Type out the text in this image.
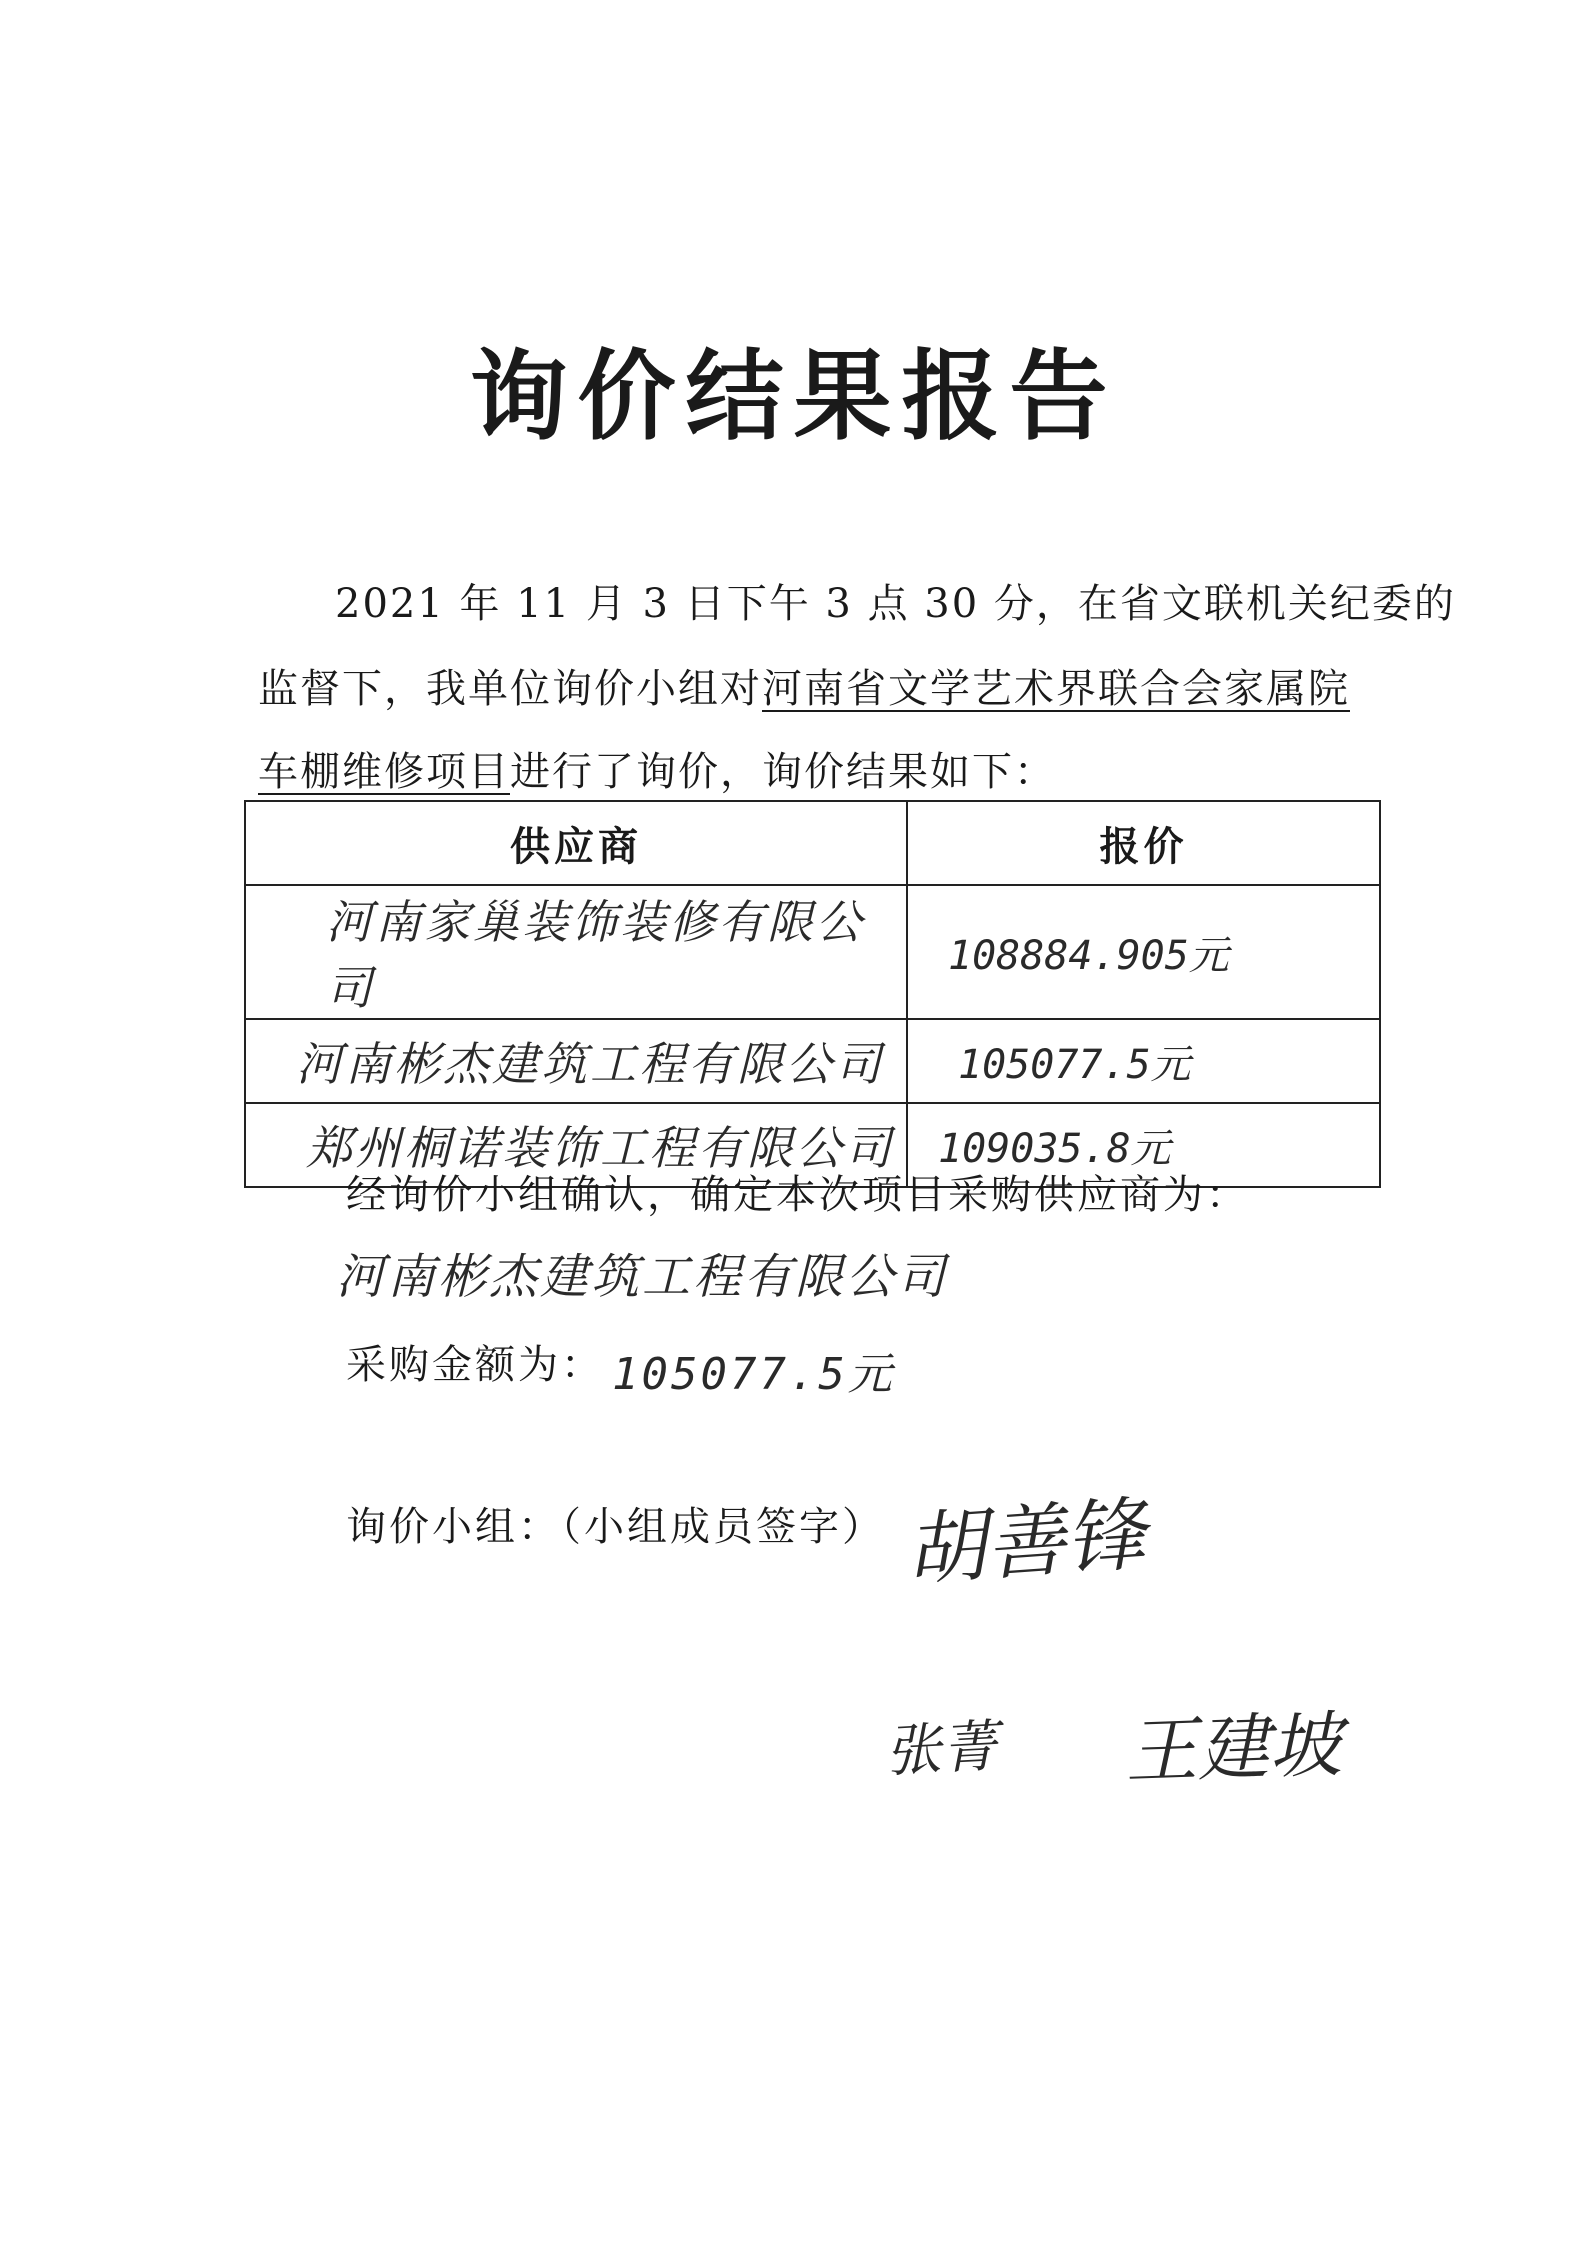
询价结果报告
2021 年 11 月 3 日下午 3 点 30 分，在省文联机关纪委的
监督下，我单位询价小组对河南省文学艺术界联合会家属院
车棚维修项目进行了询价，询价结果如下：
供应商	报价
河南家巢装饰装修有限公司	108884.905元
河南彬杰建筑工程有限公司	105077.5元
郑州桐诺装饰工程有限公司	109035.8元
经询价小组确认，确定本次项目采购供应商为：
河南彬杰建筑工程有限公司
采购金额为： 105077.5元
询价小组：（小组成员签字） 胡善锋
张菁 王建坡
